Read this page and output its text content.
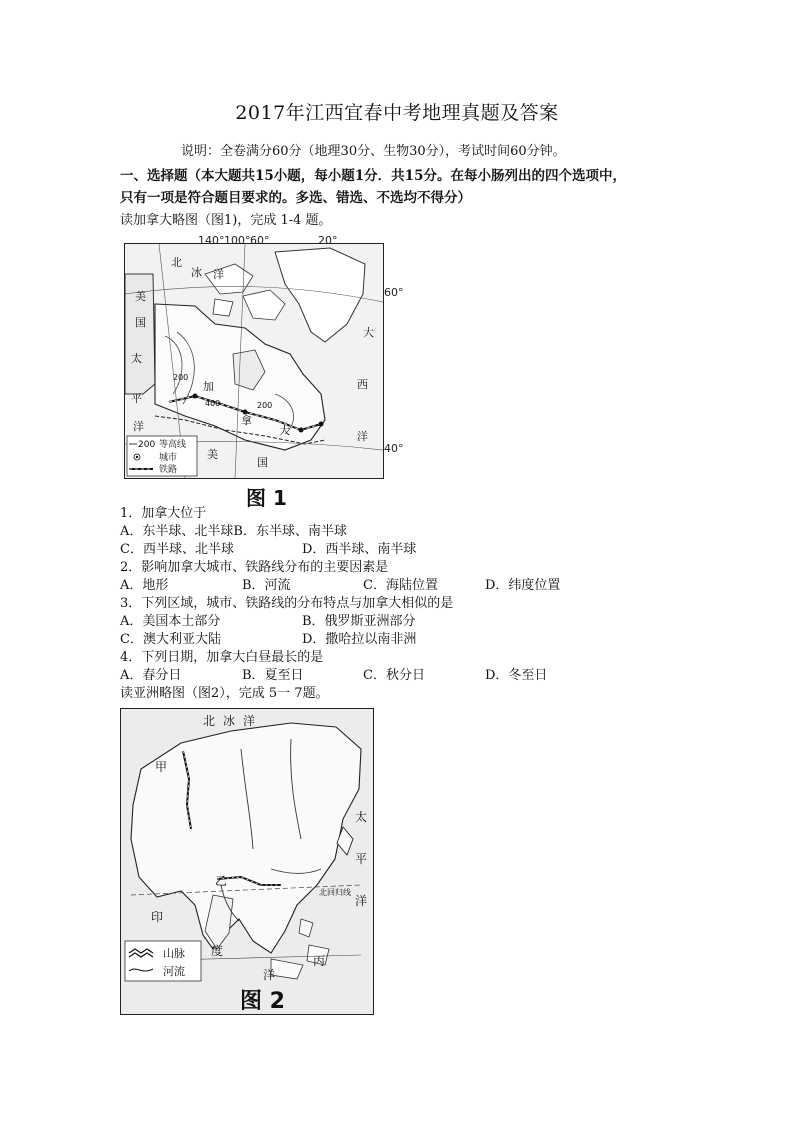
2017年江西宜春中考地理真题及答案
说明：全卷满分60分（地理30分、生物30分），考试时间60分钟。
一、选择题（本大题共15小题，每小题1分．共15分。在每小肠列出的四个选项中，
只有一项是符合题目要求的。多选、错选、不选均不得分）
读加拿大略图（图1)，完成 1-4 题。
北
冰 洋
美
国
大
西
洋
太
平
洋
加
拿
大
美
国
200
400	200
200 等高线
城市
铁路
140° 100° 60°	20°
60°
40°
图 1
1．加拿大位于
A．东半球、北半球B．东半球、南半球
C．西半球、北半球	D．西半球、南半球
2．影响加拿大城市、铁路线分布的主要因素是
A．地形	B．河流	C．海陆位置	D．纬度位置
3．下列区域，城市、铁路线的分布特点与加拿大相似的是
A．美国本土部分	B．俄罗斯亚洲部分
C．澳大利亚大陆	D．撒哈拉以南非洲
4．下列日期，加拿大白昼最长的是
A．春分日	B．夏至日	C．秋分日	D．冬至日
读亚洲略图（图2），完成 5一 7题。
北 冰 洋
甲
乙
丙
太
平
洋
印
度
洋
北回归线
山脉
河流
图 2
